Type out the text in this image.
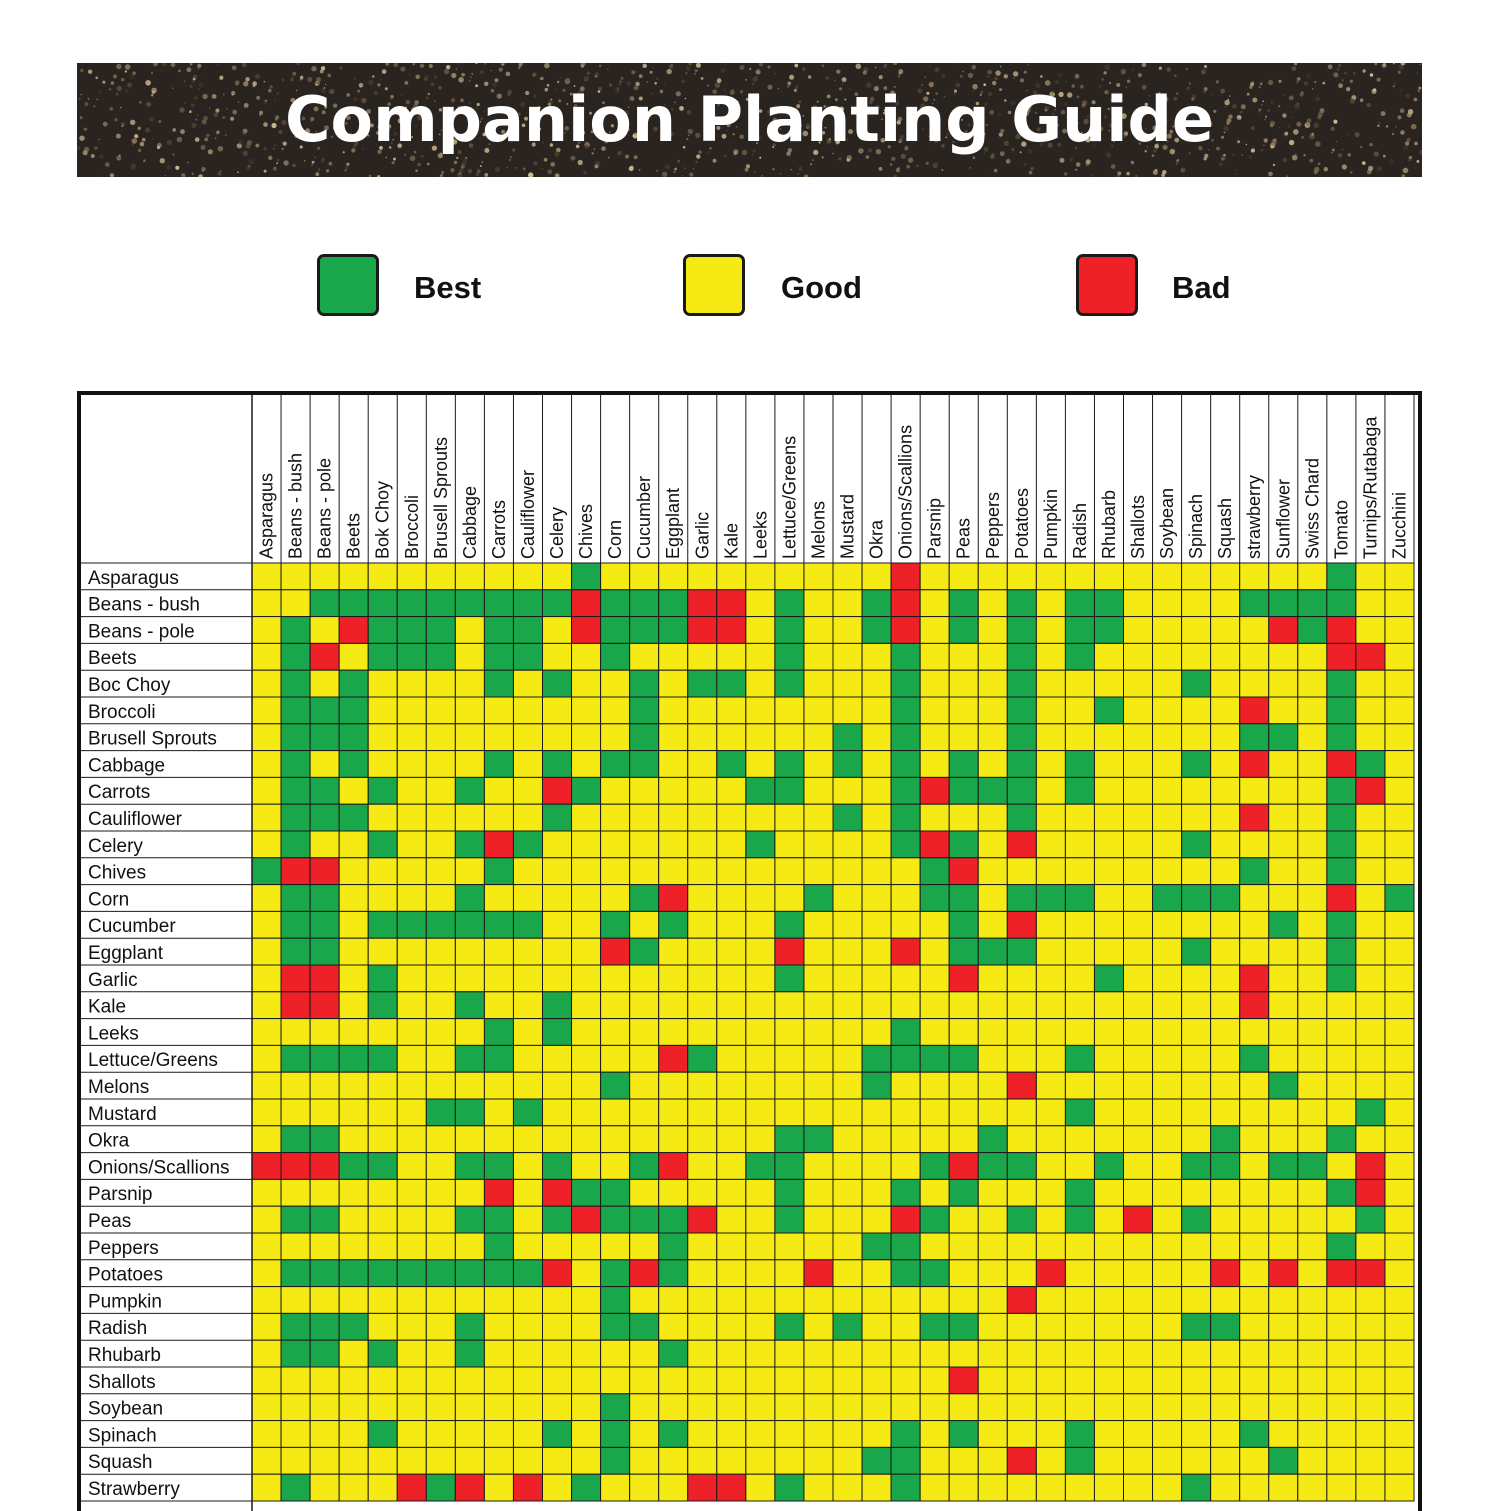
Companion Planting Guide
Best	Good	Bad
Asparagus Beans - bush Beans - pole Beets Bok Choy Broccoli Brusell Sprouts Cabbage Carrots Cauliflower Celery Chives Corn Cucumber Eggplant Garlic Kale Leeks Lettuce/Greens Melons Mustard Okra Onions/Scallions Parsnip Peas Peppers Potatoes Pumpkin Radish Rhubarb Shallots Soybean Spinach Squash strawberry Sunflower Swiss Chard Tomato Turnips/Rutabaga Zucchini
Asparagus
Beans - bush
Beans - pole
Beets
Boc Choy
Broccoli
Brusell Sprouts
Cabbage
Carrots
Cauliflower
Celery
Chives
Corn
Cucumber
Eggplant
Garlic
Kale
Leeks
Lettuce/Greens
Melons
Mustard
Okra
Onions/Scallions
Parsnip
Peas
Peppers
Potatoes
Pumpkin
Radish
Rhubarb
Shallots
Soybean
Spinach
Squash
Strawberry
